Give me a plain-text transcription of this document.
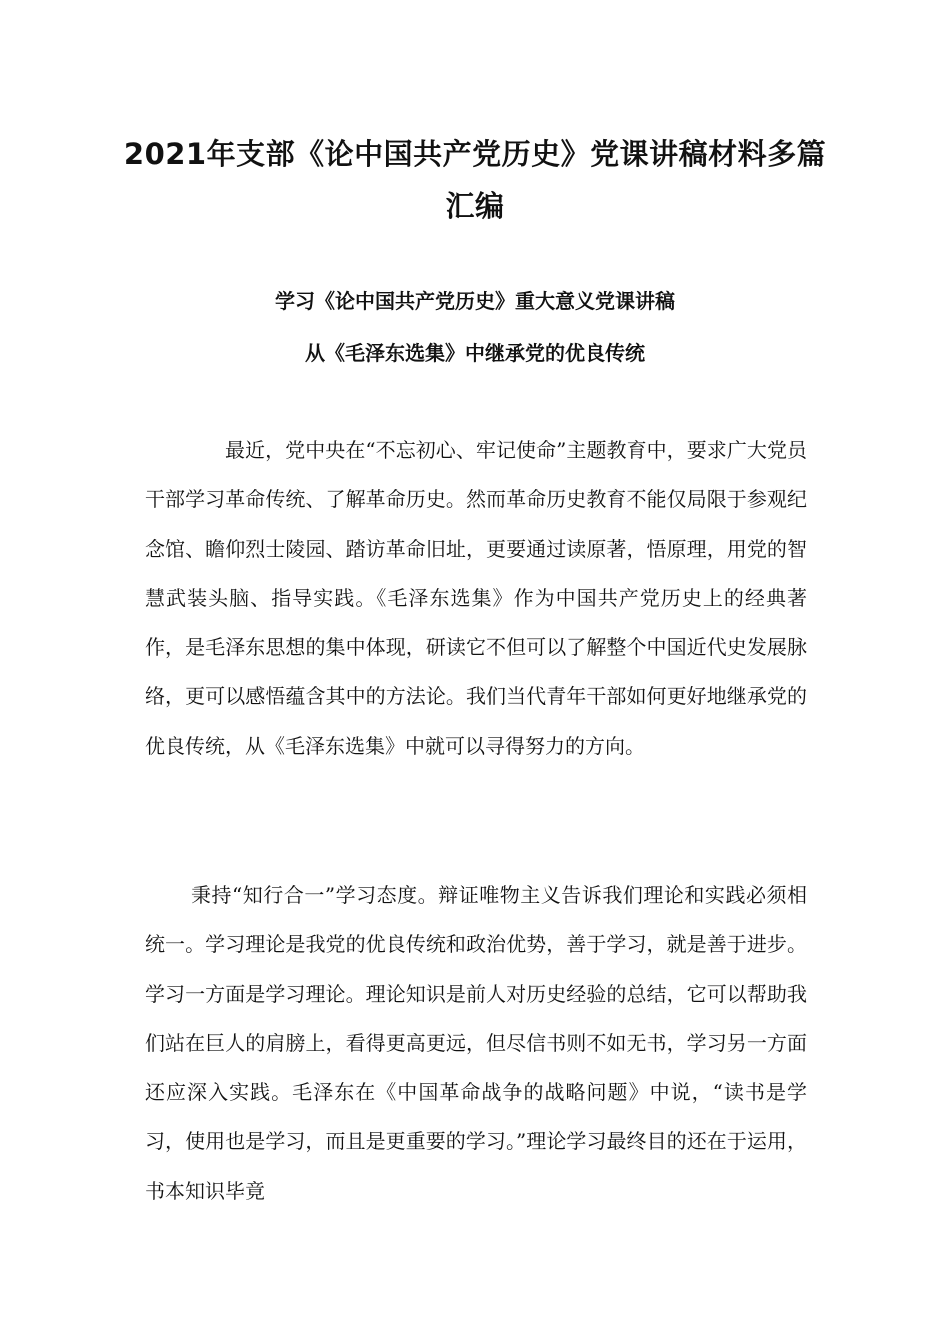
2021年支部《论中国共产党历史》党课讲稿材料多篇汇编
学习《论中国共产党历史》重大意义党课讲稿
从《毛泽东选集》中继承党的优良传统

最近，党中央在“不忘初心、牢记使命”主题教育中，要求广大党员干部学习革命传统、了解革命历史。然而革命历史教育不能仅局限于参观纪念馆、瞻仰烈士陵园、踏访革命旧址，更要通过读原著，悟原理，用党的智慧武装头脑、指导实践。《毛泽东选集》作为中国共产党历史上的经典著作，是毛泽东思想的集中体现，研读它不但可以了解整个中国近代史发展脉络，更可以感悟蕴含其中的方法论。我们当代青年干部如何更好地继承党的优良传统，从《毛泽东选集》中就可以寻得努力的方向。

秉持“知行合一”学习态度。辩证唯物主义告诉我们理论和实践必须相统一。学习理论是我党的优良传统和政治优势，善于学习，就是善于进步。学习一方面是学习理论。理论知识是前人对历史经验的总结，它可以帮助我们站在巨人的肩膀上，看得更高更远，但尽信书则不如无书，学习另一方面还应深入实践。毛泽东在《中国革命战争的战略问题》中说，“读书是学习，使用也是学习，而且是更重要的学习。”理论学习最终目的还在于运用，书本知识毕竟
